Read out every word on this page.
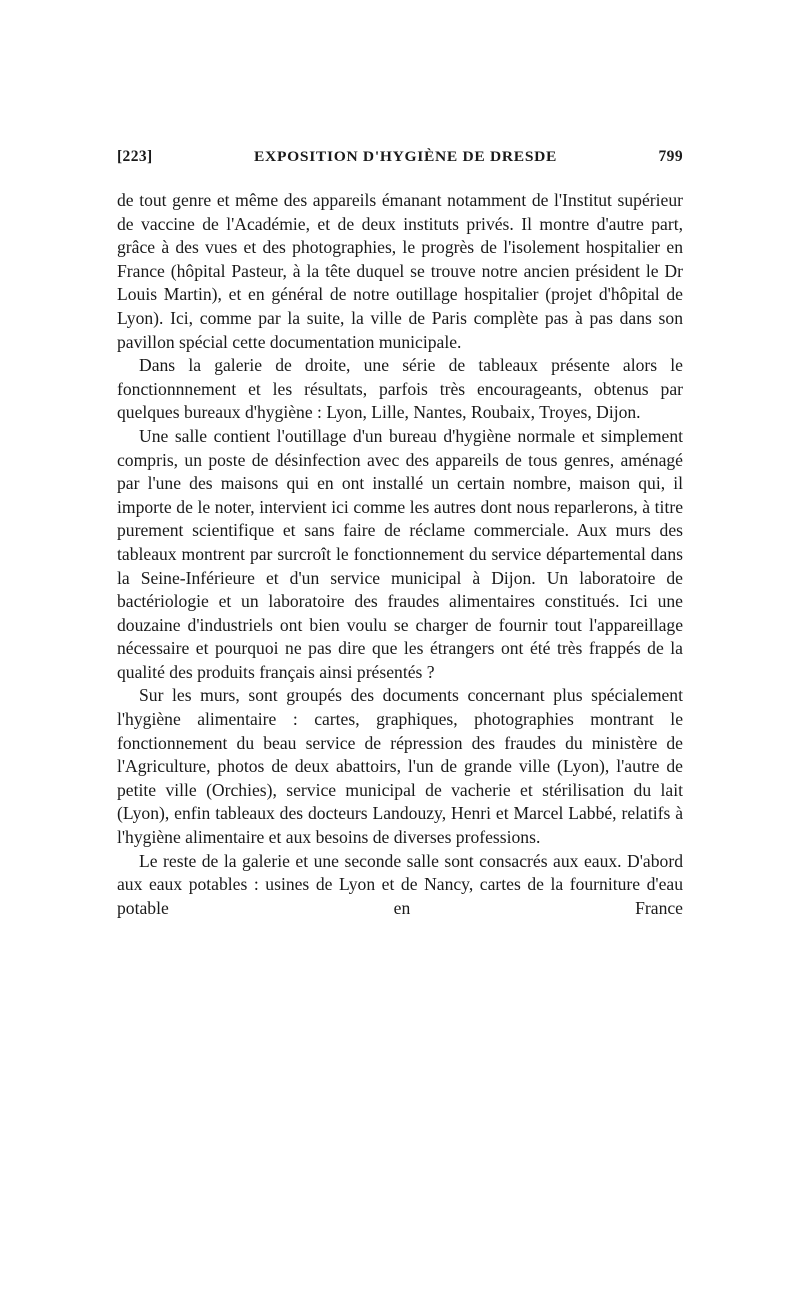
[223]	EXPOSITION D'HYGIÈNE DE DRESDE	799

de tout genre et même des appareils émanant notamment de l'Institut supérieur de vaccine de l'Académie, et de deux instituts privés. Il montre d'autre part, grâce à des vues et des photographies, le progrès de l'isolement hospitalier en France (hôpital Pasteur, à la tête duquel se trouve notre ancien président le Dr Louis Martin), et en général de notre outillage hospitalier (projet d'hôpital de Lyon). Ici, comme par la suite, la ville de Paris complète pas à pas dans son pavillon spécial cette documentation municipale.

Dans la galerie de droite, une série de tableaux présente alors le fonctionnnement et les résultats, parfois très encourageants, obtenus par quelques bureaux d'hygiène : Lyon, Lille, Nantes, Roubaix, Troyes, Dijon.

Une salle contient l'outillage d'un bureau d'hygiène normale et simplement compris, un poste de désinfection avec des appareils de tous genres, aménagé par l'une des maisons qui en ont installé un certain nombre, maison qui, il importe de le noter, intervient ici comme les autres dont nous reparlerons, à titre purement scientifique et sans faire de réclame commerciale. Aux murs des tableaux montrent par surcroît le fonctionnement du service départemental dans la Seine-Inférieure et d'un service municipal à Dijon. Un laboratoire de bactériologie et un laboratoire des fraudes alimentaires constitués. Ici une douzaine d'industriels ont bien voulu se charger de fournir tout l'appareillage nécessaire et pourquoi ne pas dire que les étrangers ont été très frappés de la qualité des produits français ainsi présentés ?

Sur les murs, sont groupés des documents concernant plus spécialement l'hygiène alimentaire : cartes, graphiques, photographies montrant le fonctionnement du beau service de répression des fraudes du ministère de l'Agriculture, photos de deux abattoirs, l'un de grande ville (Lyon), l'autre de petite ville (Orchies), service municipal de vacherie et stérilisation du lait (Lyon), enfin tableaux des docteurs Landouzy, Henri et Marcel Labbé, relatifs à l'hygiène alimentaire et aux besoins de diverses professions.

Le reste de la galerie et une seconde salle sont consacrés aux eaux. D'abord aux eaux potables : usines de Lyon et de Nancy, cartes de la fourniture d'eau potable en France
